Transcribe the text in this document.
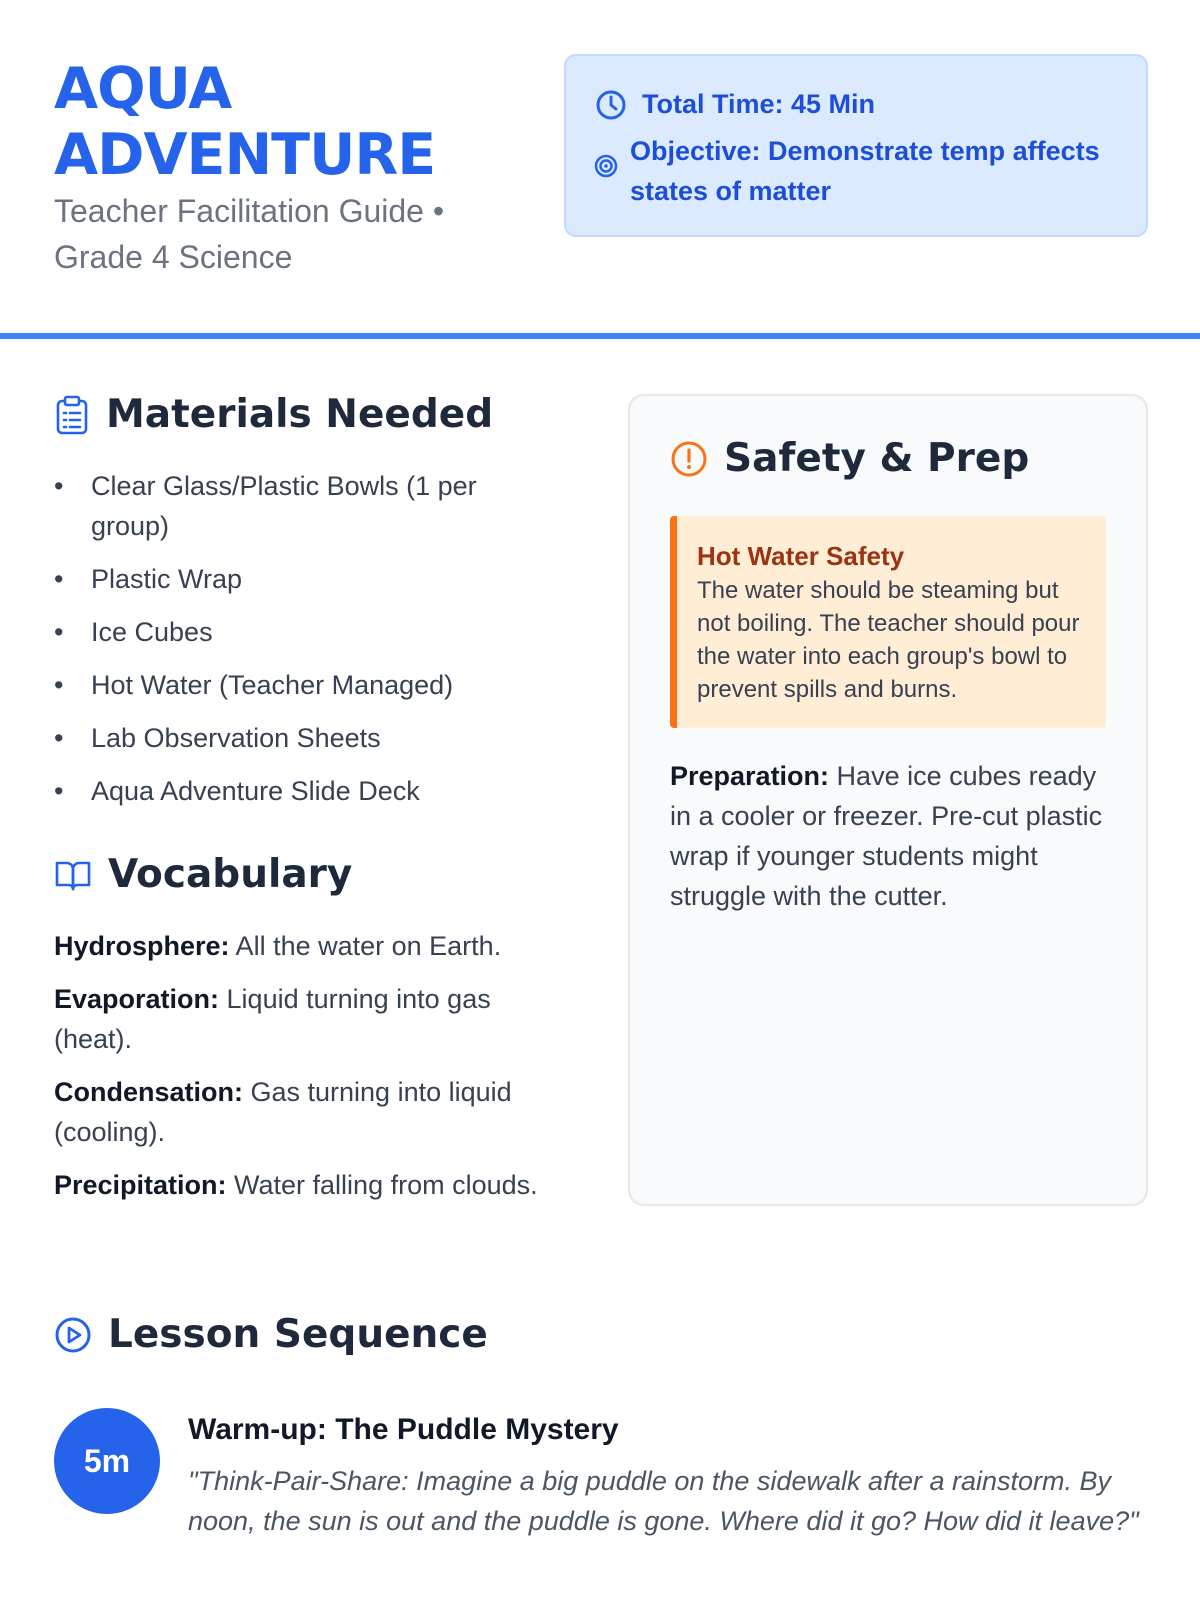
AQUA ADVENTURE
Teacher Facilitation Guide • Grade 4 Science
Total Time: 45 Min
Objective: Demonstrate temp affects states of matter
Materials Needed
• Clear Glass/Plastic Bowls (1 per group)
• Plastic Wrap
• Ice Cubes
• Hot Water (Teacher Managed)
• Lab Observation Sheets
• Aqua Adventure Slide Deck
Vocabulary

Hydrosphere: All the water on Earth.

Evaporation: Liquid turning into gas (heat).

Condensation: Gas turning into liquid (cooling).

Precipitation: Water falling from clouds.

Safety & Prep
Hot Water Safety
The water should be steaming but not boiling. The teacher should pour the water into each group's bowl to prevent spills and burns.
Preparation: Have ice cubes ready in a cooler or freezer. Pre-cut plastic wrap if younger students might struggle with the cutter.
Lesson Sequence
5m
Warm-up: The Puddle Mystery
"Think-Pair-Share: Imagine a big puddle on the sidewalk after a rainstorm. By noon, the sun is out and the puddle is gone. Where did it go? How did it leave?"
